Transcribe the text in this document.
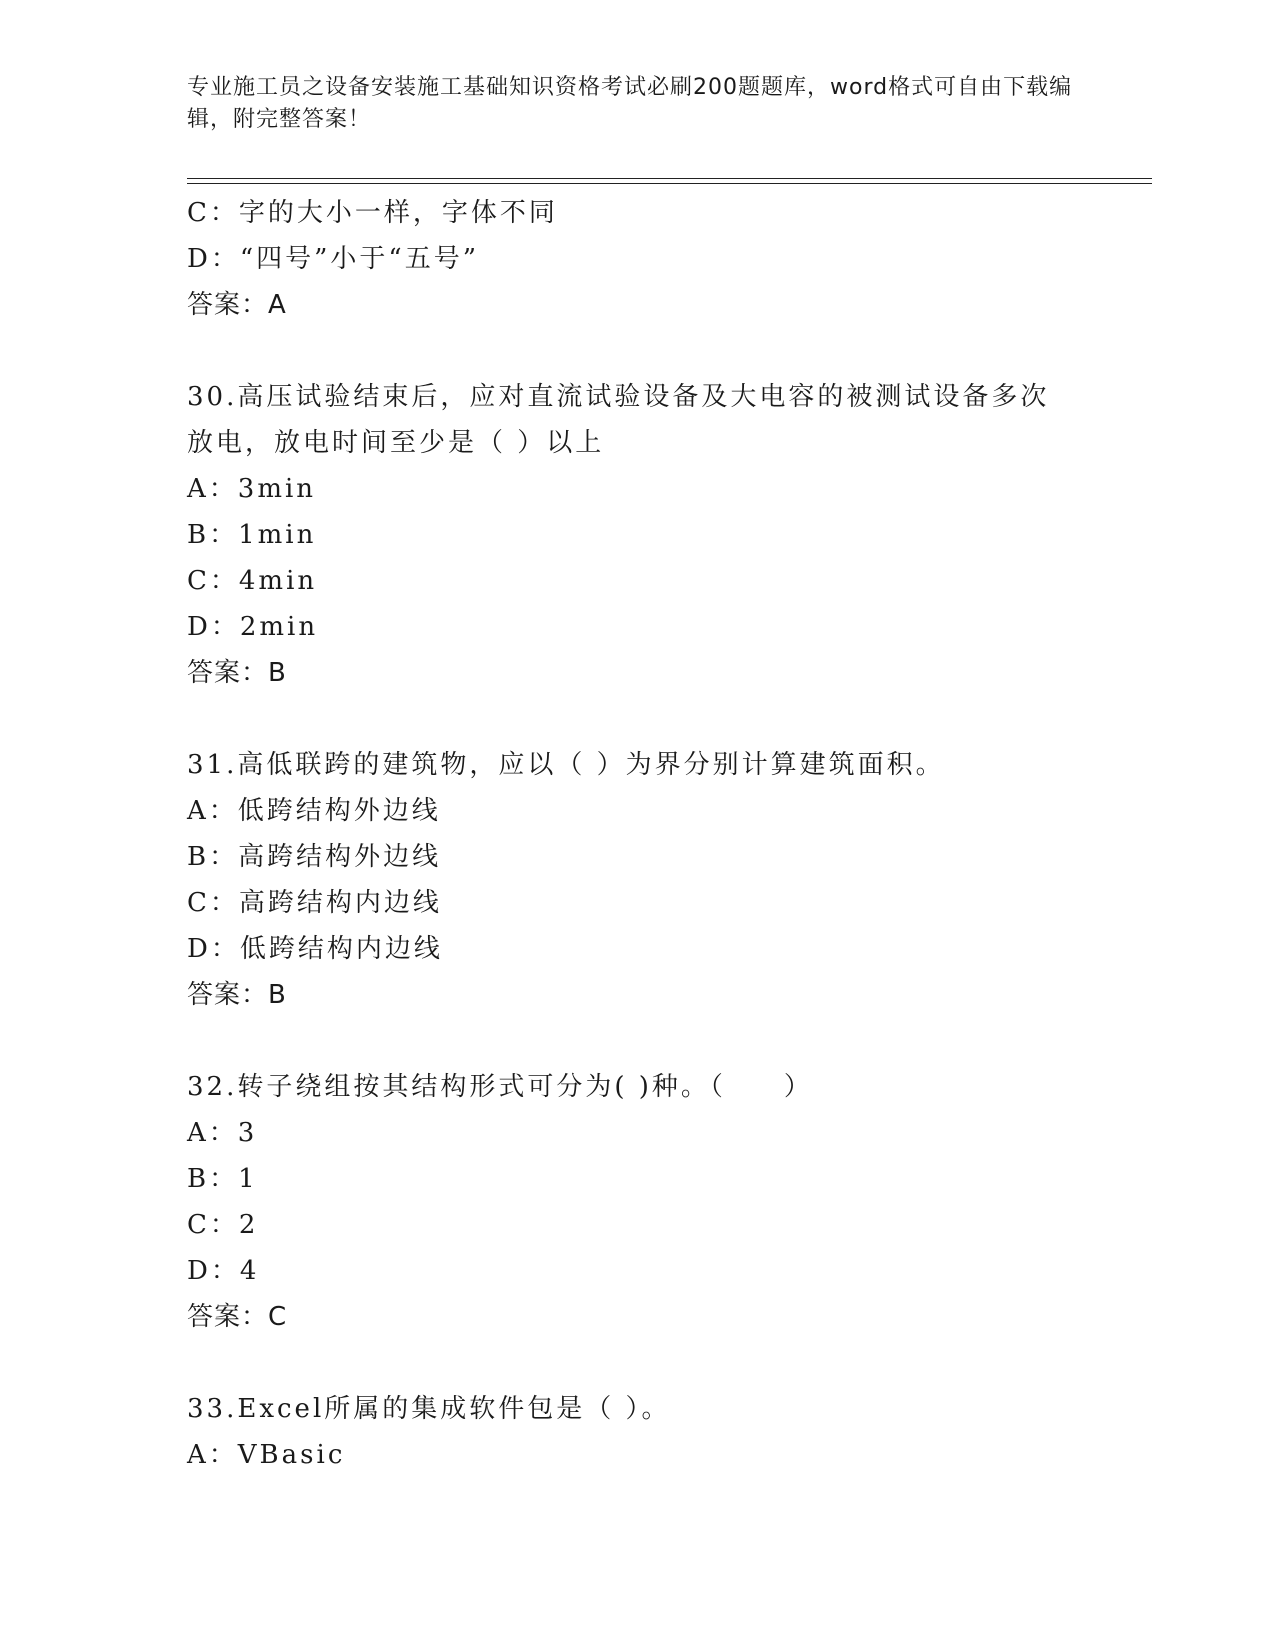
专业施工员之设备安装施工基础知识资格考试必刷200题题库，word格式可自由下载编辑，附完整答案！
C：字的大小一样，字体不同
D：“四号”小于“五号”
答案：A
30.高压试验结束后，应对直流试验设备及大电容的被测试设备多次放电，放电时间至少是（ ）以上
A：3min
B：1min
C：4min
D：2min
答案：B
31.高低联跨的建筑物，应以（ ）为界分别计算建筑面积。
A：低跨结构外边线
B：高跨结构外边线
C：高跨结构内边线
D：低跨结构内边线
答案：B
32.转子绕组按其结构形式可分为( )种。（　　）
A：3
B：1
C：2
D：4
答案：C
33.Excel所属的集成软件包是（ ）。
A：VBasic
